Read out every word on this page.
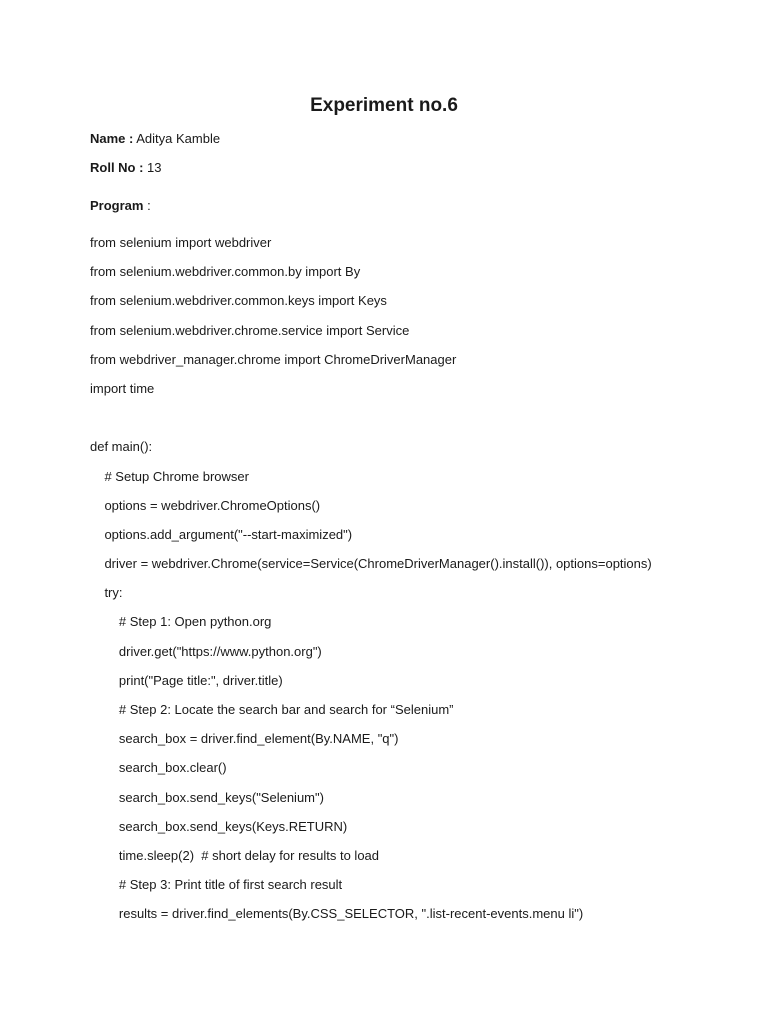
Experiment no.6
Name : Aditya Kamble
Roll No : 13
Program :
from selenium import webdriver
from selenium.webdriver.common.by import By
from selenium.webdriver.common.keys import Keys
from selenium.webdriver.chrome.service import Service
from webdriver_manager.chrome import ChromeDriverManager
import time
def main():
# Setup Chrome browser
options = webdriver.ChromeOptions()
options.add_argument("--start-maximized")
driver = webdriver.Chrome(service=Service(ChromeDriverManager().install()), options=options)
try:
# Step 1: Open python.org
driver.get("https://www.python.org")
print("Page title:", driver.title)
# Step 2: Locate the search bar and search for “Selenium”
search_box = driver.find_element(By.NAME, "q")
search_box.clear()
search_box.send_keys("Selenium")
search_box.send_keys(Keys.RETURN)
time.sleep(2)  # short delay for results to load
# Step 3: Print title of first search result
results = driver.find_elements(By.CSS_SELECTOR, ".list-recent-events.menu li")
